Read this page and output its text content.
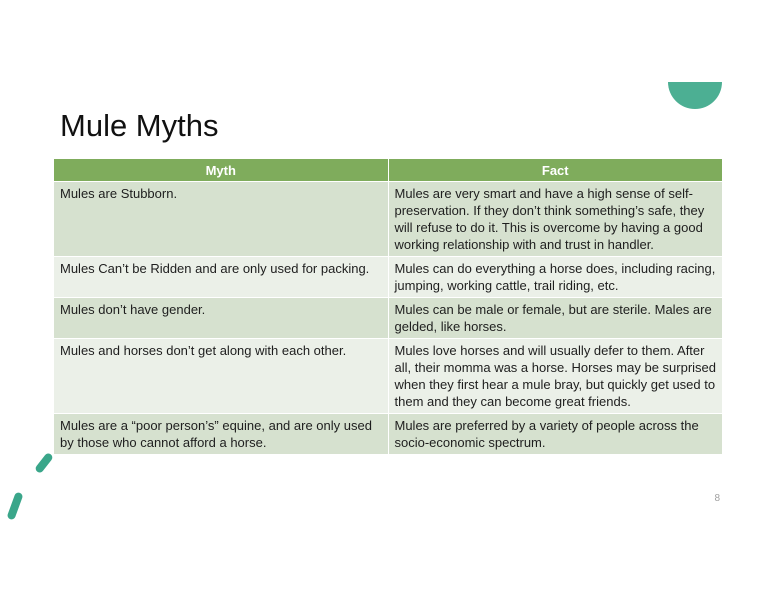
Mule Myths
Myth	Fact
Mules are Stubborn.	Mules are very smart and have a high sense of self-preservation. If they don’t think something’s safe, they will refuse to do it. This is overcome by having a good working relationship with and trust in handler.
Mules Can’t be Ridden and are only used for packing.	Mules can do everything a horse does, including racing, jumping, working cattle, trail riding, etc.
Mules don’t have gender.	Mules can be male or female, but are sterile. Males are gelded, like horses.
Mules and horses don’t get along with each other.	Mules love horses and will usually defer to them. After all, their momma was a horse. Horses may be surprised when they first hear a mule bray, but quickly get used to them and they can become great friends.
Mules are a “poor person’s” equine, and are only used by those who cannot afford a horse.	Mules are preferred by a variety of people across the socio-economic spectrum.
8
